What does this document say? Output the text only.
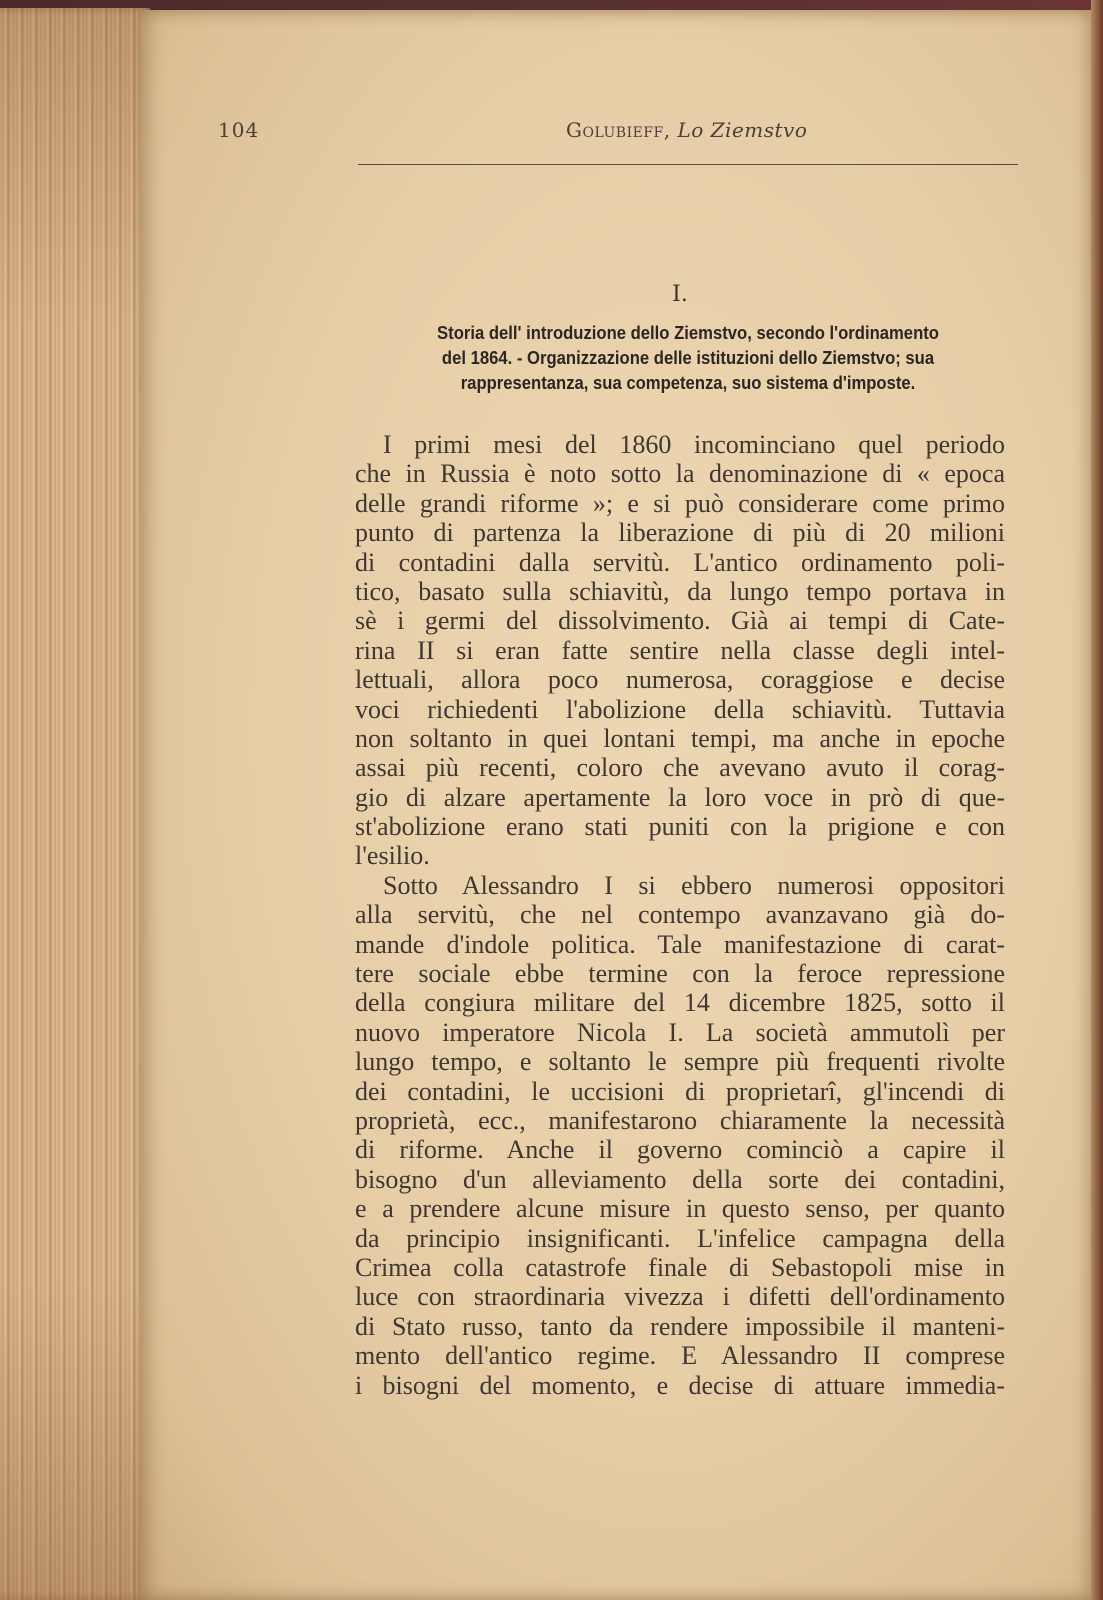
104	Golubieff, Lo Ziemstvo
I.
Storia dell' introduzione dello Ziemstvo, secondo l'ordinamento
del 1864. - Organizzazione delle istituzioni dello Ziemstvo; sua
rappresentanza, sua competenza, suo sistema d'imposte.
I primi mesi del 1860 incominciano quel periodo
che in Russia è noto sotto la denominazione di « epoca
delle grandi riforme »; e si può considerare come primo
punto di partenza la liberazione di più di 20 milioni
di contadini dalla servitù. L'antico ordinamento poli-
tico, basato sulla schiavitù, da lungo tempo portava in
sè i germi del dissolvimento. Già ai tempi di Cate-
rina II si eran fatte sentire nella classe degli intel-
lettuali, allora poco numerosa, coraggiose e decise
voci richiedenti l'abolizione della schiavitù. Tuttavia
non soltanto in quei lontani tempi, ma anche in epoche
assai più recenti, coloro che avevano avuto il corag-
gio di alzare apertamente la loro voce in prò di que-
st'abolizione erano stati puniti con la prigione e con
l'esilio.
Sotto Alessandro I si ebbero numerosi oppositori
alla servitù, che nel contempo avanzavano già do-
mande d'indole politica. Tale manifestazione di carat-
tere sociale ebbe termine con la feroce repressione
della congiura militare del 14 dicembre 1825, sotto il
nuovo imperatore Nicola I. La società ammutolì per
lungo tempo, e soltanto le sempre più frequenti rivolte
dei contadini, le uccisioni di proprietarî, gl'incendi di
proprietà, ecc., manifestarono chiaramente la necessità
di riforme. Anche il governo cominciò a capire il
bisogno d'un alleviamento della sorte dei contadini,
e a prendere alcune misure in questo senso, per quanto
da principio insignificanti. L'infelice campagna della
Crimea colla catastrofe finale di Sebastopoli mise in
luce con straordinaria vivezza i difetti dell'ordinamento
di Stato russo, tanto da rendere impossibile il manteni-
mento dell'antico regime. E Alessandro II comprese
i bisogni del momento, e decise di attuare immedia-
